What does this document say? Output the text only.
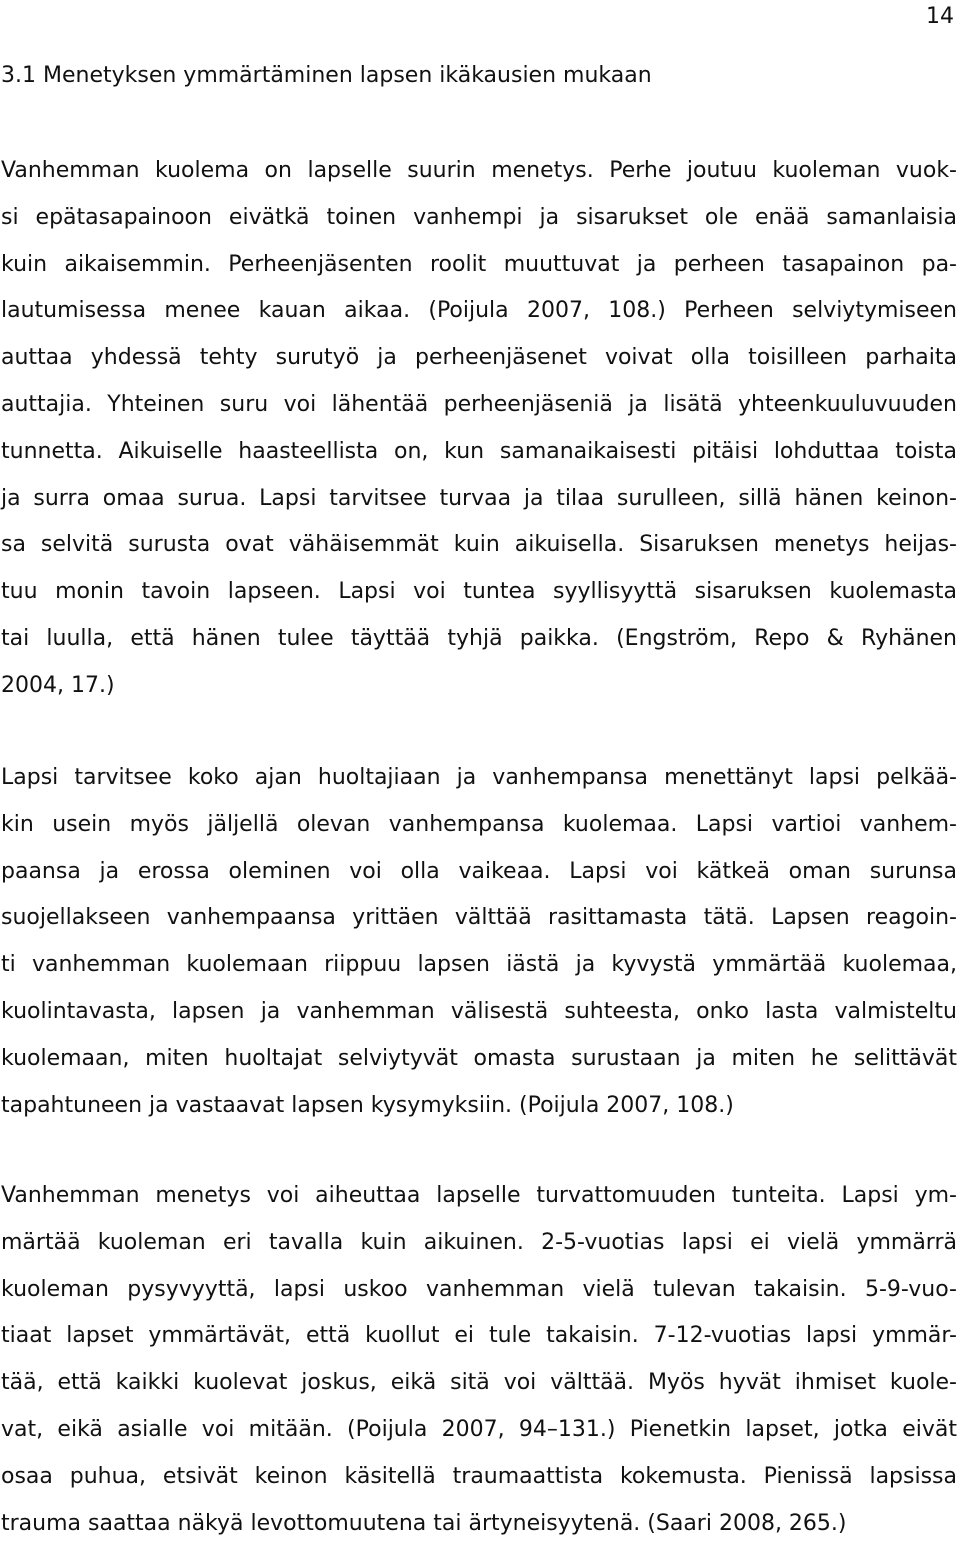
14
3.1 Menetyksen ymmärtäminen lapsen ikäkausien mukaan
Vanhemman kuolema on lapselle suurin menetys. Perhe joutuu kuoleman vuok-
si epätasapainoon eivätkä toinen vanhempi ja sisarukset ole enää samanlaisia
kuin aikaisemmin. Perheenjäsenten roolit muuttuvat ja perheen tasapainon pa-
lautumisessa menee kauan aikaa. (Poijula 2007, 108.) Perheen selviytymiseen
auttaa yhdessä tehty surutyö ja perheenjäsenet voivat olla toisilleen parhaita
auttajia. Yhteinen suru voi lähentää perheenjäseniä ja lisätä yhteenkuuluvuuden
tunnetta. Aikuiselle haasteellista on, kun samanaikaisesti pitäisi lohduttaa toista
ja surra omaa surua. Lapsi tarvitsee turvaa ja tilaa surulleen, sillä hänen keinon-
sa selvitä surusta ovat vähäisemmät kuin aikuisella. Sisaruksen menetys heijas-
tuu monin tavoin lapseen. Lapsi voi tuntea syyllisyyttä sisaruksen kuolemasta
tai luulla, että hänen tulee täyttää tyhjä paikka. (Engström, Repo & Ryhänen
2004, 17.)
Lapsi tarvitsee koko ajan huoltajiaan ja vanhempansa menettänyt lapsi pelkää-
kin usein myös jäljellä olevan vanhempansa kuolemaa. Lapsi vartioi vanhem-
paansa ja erossa oleminen voi olla vaikeaa. Lapsi voi kätkeä oman surunsa
suojellakseen vanhempaansa yrittäen välttää rasittamasta tätä. Lapsen reagoin-
ti vanhemman kuolemaan riippuu lapsen iästä ja kyvystä ymmärtää kuolemaa,
kuolintavasta, lapsen ja vanhemman välisestä suhteesta, onko lasta valmisteltu
kuolemaan, miten huoltajat selviytyvät omasta surustaan ja miten he selittävät
tapahtuneen ja vastaavat lapsen kysymyksiin. (Poijula 2007, 108.)
Vanhemman menetys voi aiheuttaa lapselle turvattomuuden tunteita. Lapsi ym-
märtää kuoleman eri tavalla kuin aikuinen. 2-5-vuotias lapsi ei vielä ymmärrä
kuoleman pysyvyyttä, lapsi uskoo vanhemman vielä tulevan takaisin. 5-9-vuo-
tiaat lapset ymmärtävät, että kuollut ei tule takaisin. 7-12-vuotias lapsi ymmär-
tää, että kaikki kuolevat joskus, eikä sitä voi välttää. Myös hyvät ihmiset kuole-
vat, eikä asialle voi mitään. (Poijula 2007, 94–131.) Pienetkin lapset, jotka eivät
osaa puhua, etsivät keinon käsitellä traumaattista kokemusta. Pienissä lapsissa
trauma saattaa näkyä levottomuutena tai ärtyneisyytenä. (Saari 2008, 265.)
